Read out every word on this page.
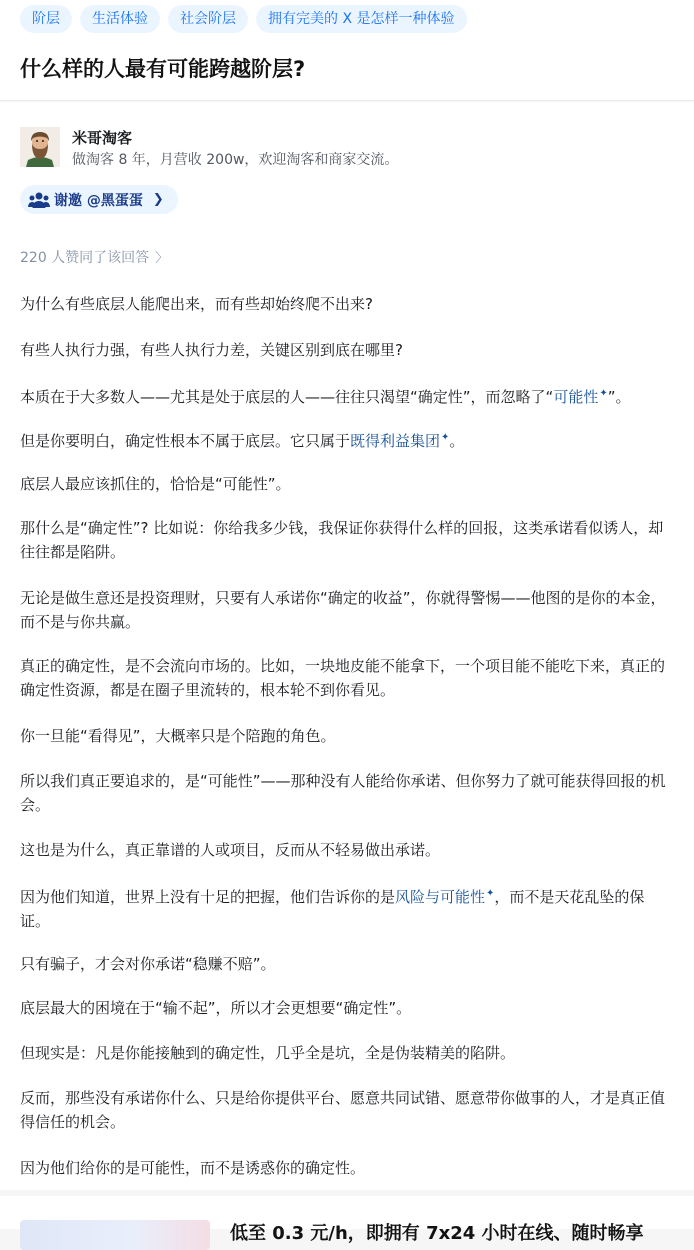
阶层	生活体验	社会阶层	拥有完美的 X 是怎样一种体验
什么样的人最有可能跨越阶层?
米哥淘客
做淘客 8 年，月营收 200w，欢迎淘客和商家交流。
谢邀 @黑蛋蛋 ❯
220 人赞同了该回答 〉

为什么有些底层人能爬出来，而有些却始终爬不出来?

有些人执行力强，有些人执行力差，关键区别到底在哪里?

本质在于大多数人——尤其是处于底层的人——往往只渴望“确定性”，而忽略了“可能性✦”。

但是你要明白，确定性根本不属于底层。它只属于既得利益集团✦。

底层人最应该抓住的，恰恰是“可能性”。

那什么是“确定性”? 比如说：你给我多少钱，我保证你获得什么样的回报，这类承诺看似诱人，却往往都是陷阱。

无论是做生意还是投资理财，只要有人承诺你“确定的收益”，你就得警惕——他图的是你的本金，而不是与你共赢。

真正的确定性，是不会流向市场的。比如，一块地皮能不能拿下，一个项目能不能吃下来，真正的确定性资源，都是在圈子里流转的，根本轮不到你看见。

你一旦能“看得见”，大概率只是个陪跑的角色。

所以我们真正要追求的，是“可能性”——那种没有人能给你承诺、但你努力了就可能获得回报的机会。

这也是为什么，真正靠谱的人或项目，反而从不轻易做出承诺。

因为他们知道，世界上没有十足的把握，他们告诉你的是风险与可能性✦，而不是天花乱坠的保证。

只有骗子，才会对你承诺“稳赚不赔”。

底层最大的困境在于“输不起”，所以才会更想要“确定性”。

但现实是：凡是你能接触到的确定性，几乎全是坑，全是伪装精美的陷阱。

反而，那些没有承诺你什么、只是给你提供平台、愿意共同试错、愿意带你做事的人，才是真正值得信任的机会。

因为他们给你的是可能性，而不是诱惑你的确定性。

低至 0.3 元/h，即拥有 7x24 小时在线、随时畅享
